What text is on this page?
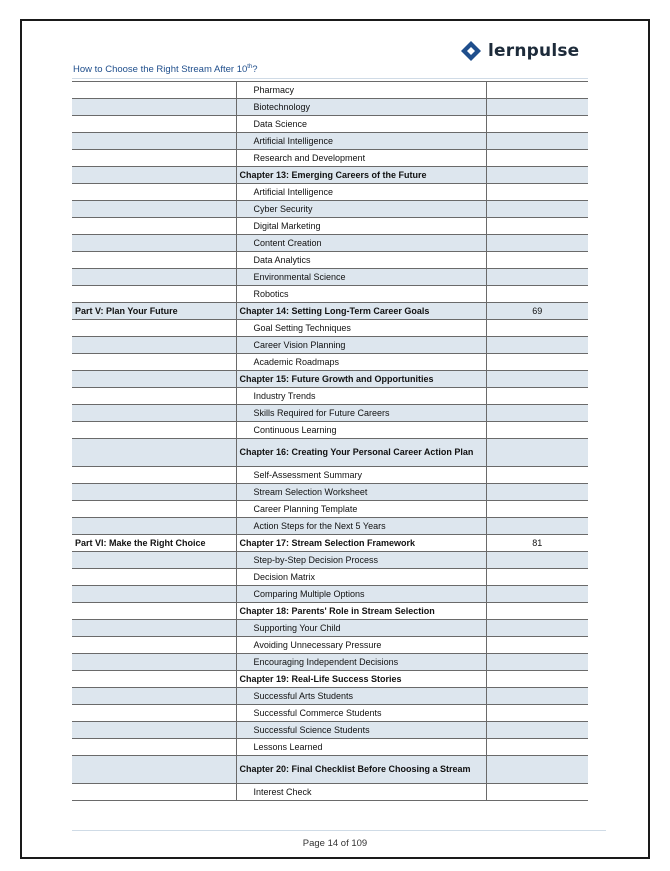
lernpulse
How to Choose the Right Stream After 10th?

	Pharmacy	

	Biotechnology	

	Data Science	

	Artificial Intelligence	

	Research and Development	

	Chapter 13: Emerging Careers of the Future	

	Artificial Intelligence	

	Cyber Security	

	Digital Marketing	

	Content Creation	

	Data Analytics	

	Environmental Science	

	Robotics	

Part V: Plan Your Future	Chapter 14: Setting Long-Term Career Goals	69

	Goal Setting Techniques	

	Career Vision Planning	

	Academic Roadmaps	

	Chapter 15: Future Growth and Opportunities	

	Industry Trends	

	Skills Required for Future Careers	

	Continuous Learning	

	Chapter 16: Creating Your Personal Career Action Plan	

	Self-Assessment Summary	

	Stream Selection Worksheet	

	Career Planning Template	

	Action Steps for the Next 5 Years	

Part VI: Make the Right Choice	Chapter 17: Stream Selection Framework	81

	Step-by-Step Decision Process	

	Decision Matrix	

	Comparing Multiple Options	

	Chapter 18: Parents' Role in Stream Selection	

	Supporting Your Child	

	Avoiding Unnecessary Pressure	

	Encouraging Independent Decisions	

	Chapter 19: Real-Life Success Stories	

	Successful Arts Students	

	Successful Commerce Students	

	Successful Science Students	

	Lessons Learned	

	Chapter 20: Final Checklist Before Choosing a Stream	

	Interest Check	

Page 14 of 109
